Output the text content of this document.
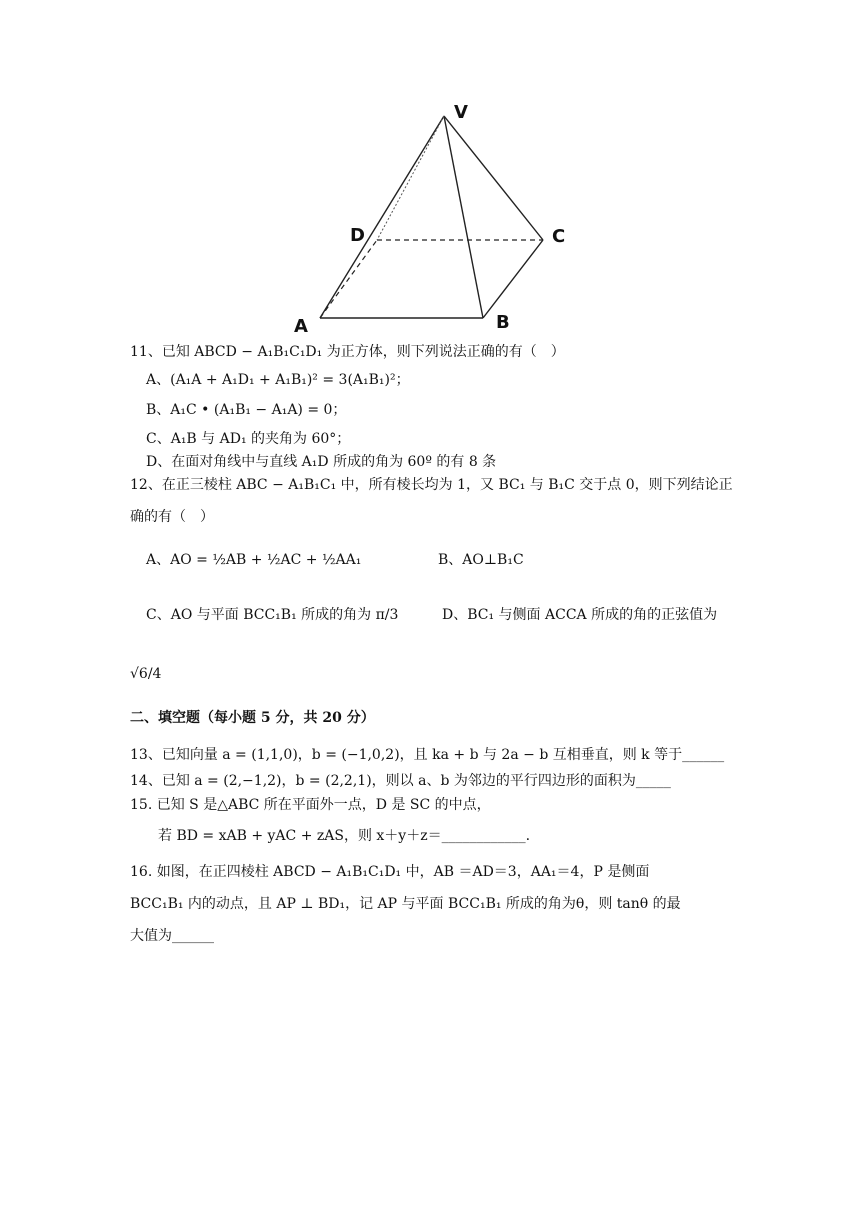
V
D	C
A	B
11、已知 ABCD − A₁B₁C₁D₁ 为正方体，则下列说法正确的有（　）
A、(A₁A + A₁D₁ + A₁B₁)² = 3(A₁B₁)²；
B、A₁C • (A₁B₁ − A₁A) = 0；
C、A₁B 与 AD₁ 的夹角为 60°；
D、在面对角线中与直线 A₁D 所成的角为 60º 的有 8 条
12、在正三棱柱 ABC − A₁B₁C₁ 中，所有棱长均为 1，又 BC₁ 与 B₁C 交于点 0，则下列结论正
确的有（　）
A、AO = ½AB + ½AC + ½AA₁	B、AO⊥B₁C
C、AO 与平面 BCC₁B₁ 所成的角为 π/3	D、BC₁ 与侧面 ACCA 所成的角的正弦值为
√6/4
二、填空题（每小题 5 分，共 20 分）
13、已知向量 a = (1,1,0)，b = (−1,0,2)，且 ka + b 与 2a − b 互相垂直，则 k 等于______
14、已知 a = (2,−1,2)，b = (2,2,1)，则以 a、b 为邻边的平行四边形的面积为_____
15. 已知 S 是△ABC 所在平面外一点，D 是 SC 的中点，
若 BD = xAB + yAC + zAS，则 x＋y＋z＝____________.
16. 如图，在正四棱柱 ABCD − A₁B₁C₁D₁ 中，AB ＝AD＝3，AA₁＝4，P 是侧面
BCC₁B₁ 内的动点，且 AP ⊥ BD₁，记 AP 与平面 BCC₁B₁ 所成的角为θ，则 tanθ 的最
大值为______
